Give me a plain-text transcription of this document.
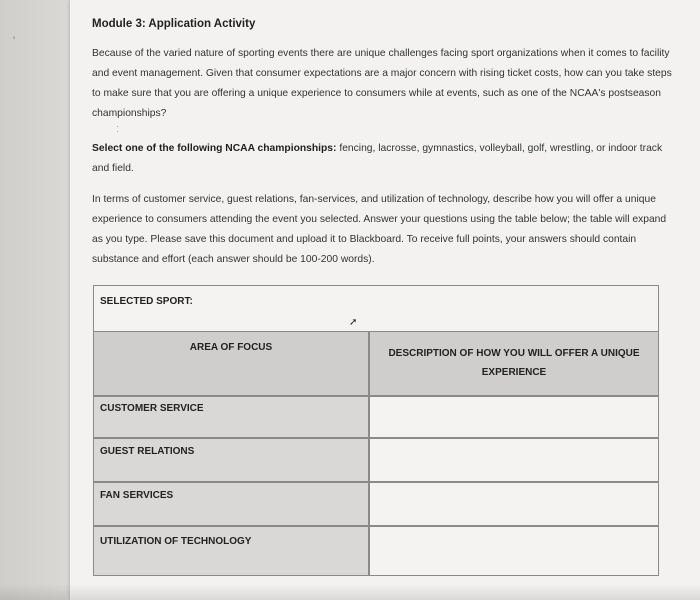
'
ː
Module 3: Application Activity
Because of the varied nature of sporting events there are unique challenges facing sport organizations when it comes to facility and event management. Given that consumer expectations are a major concern with rising ticket costs, how can you take steps to make sure that you are offering a unique experience to consumers while at events, such as one of the NCAA's postseason championships?
Select one of the following NCAA championships: fencing, lacrosse, gymnastics, volleyball, golf, wrestling, or indoor track and field.
In terms of customer service, guest relations, fan-services, and utilization of technology, describe how you will offer a unique experience to consumers attending the event you selected. Answer your questions using the table below; the table will expand as you type. Please save this document and upload it to Blackboard. To receive full points, your answers should contain substance and effort (each answer should be 100-200 words).
SELECTED SPORT:
➚
AREA OF FOCUS
DESCRIPTION OF HOW YOU WILL OFFER A UNIQUE EXPERIENCE
CUSTOMER SERVICE
GUEST RELATIONS
FAN SERVICES
UTILIZATION OF TECHNOLOGY
